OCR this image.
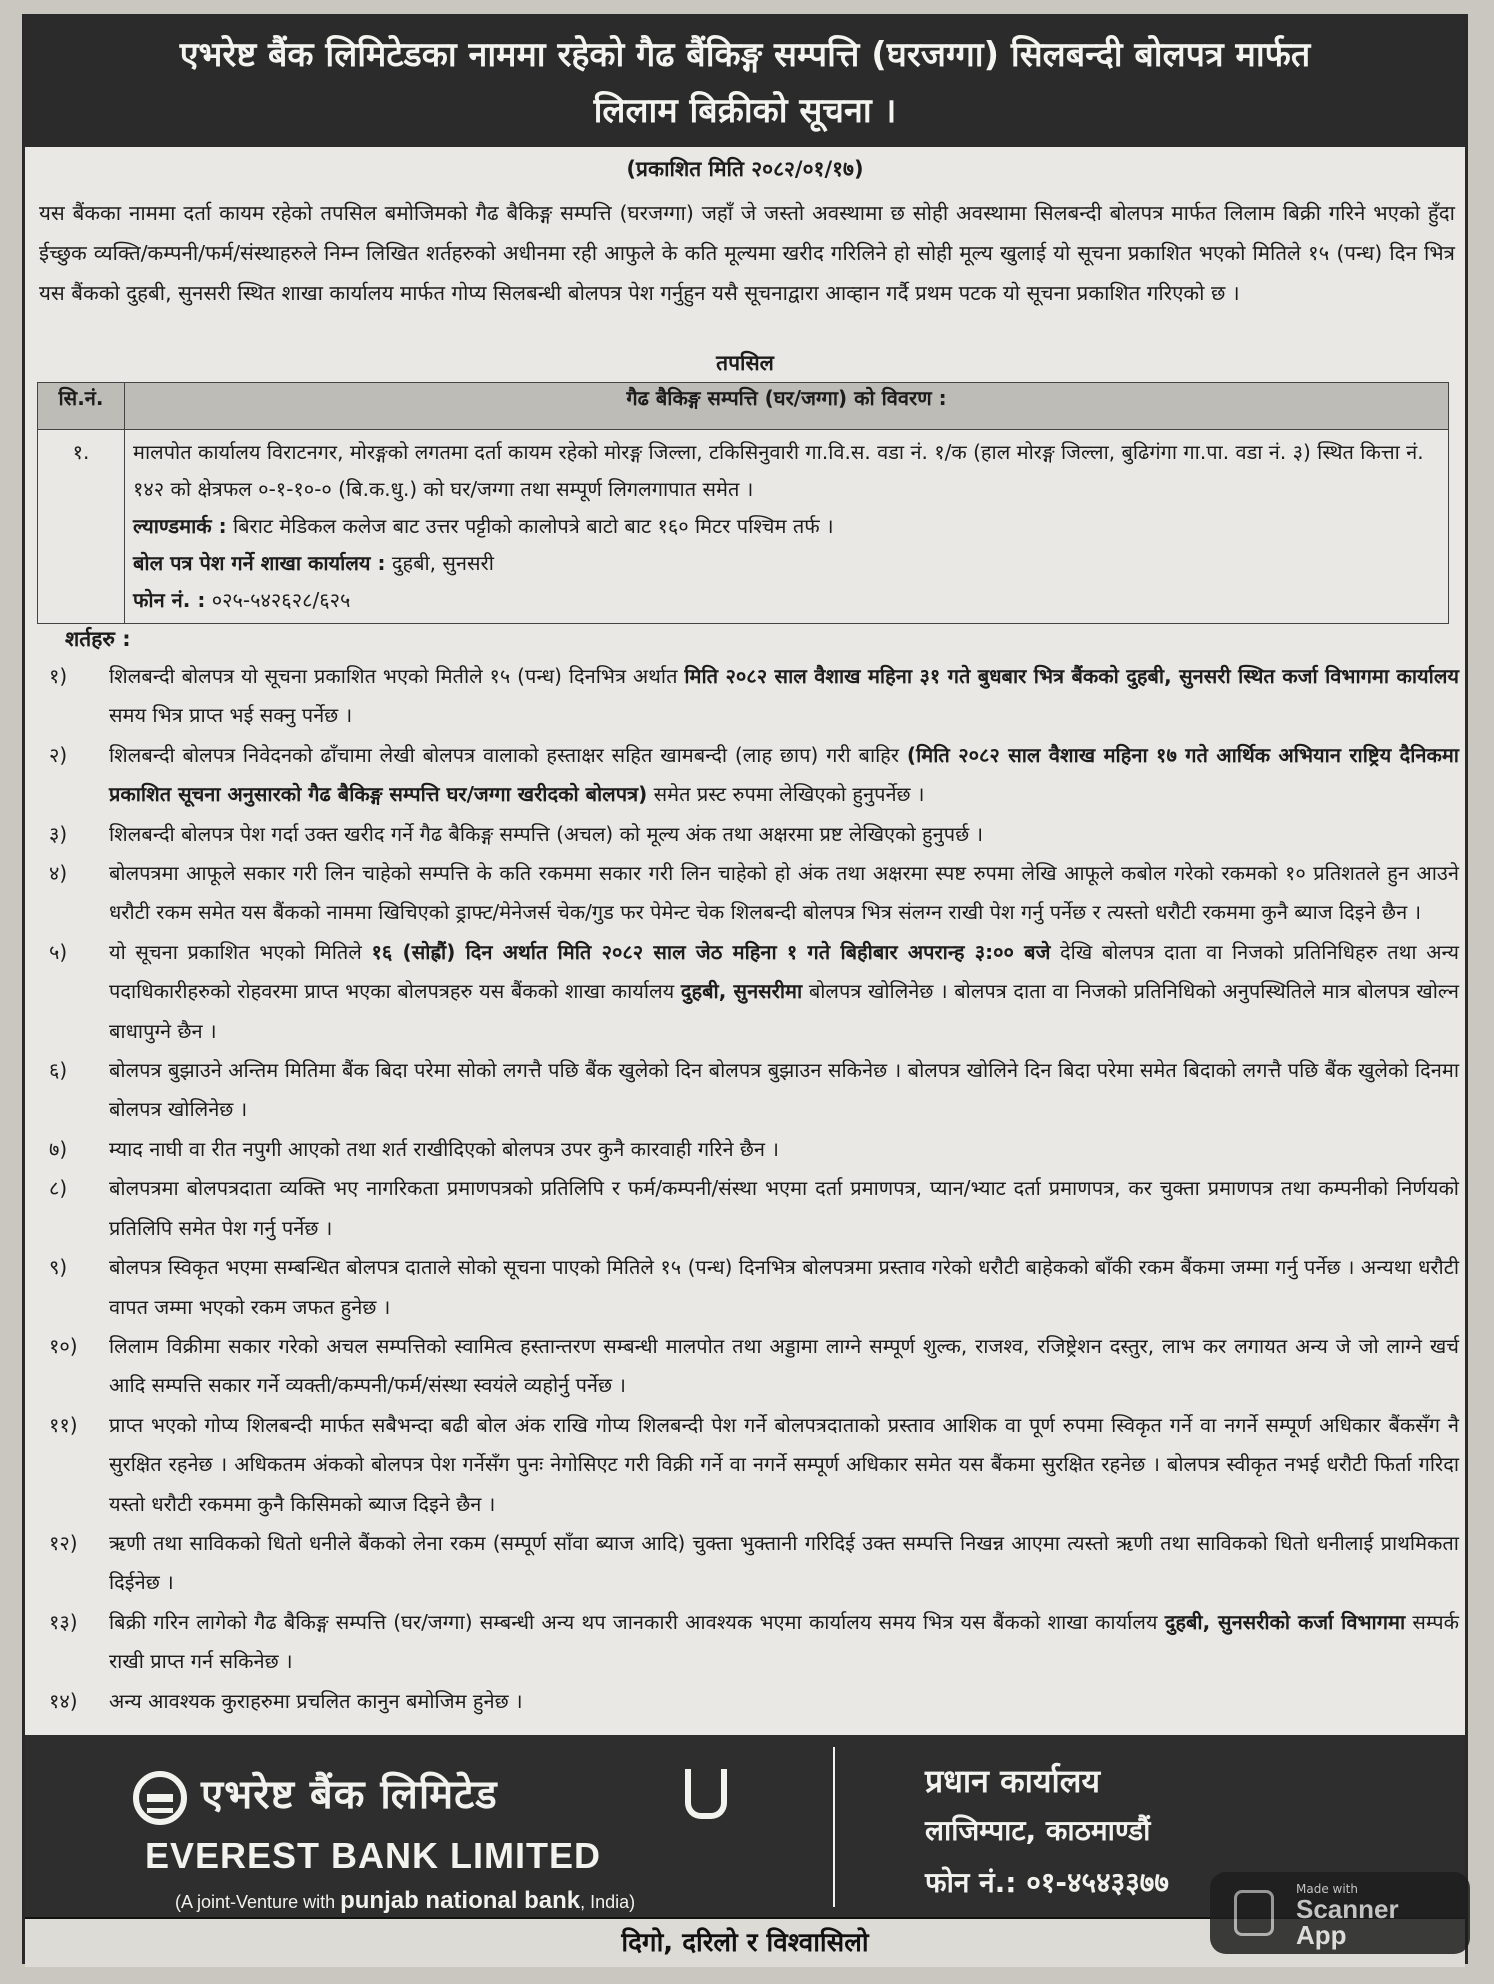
एभरेष्ट बैंक लिमिटेडका नाममा रहेको गैढ बैंकिङ्ग सम्पत्ति (घरजग्गा) सिलबन्दी बोलपत्र मार्फत
लिलाम बिक्रीको सूचना ।
(प्रकाशित मिति २०८२/०१/१७)
यस बैंकका नाममा दर्ता कायम रहेको तपसिल बमोजिमको गैढ बैकिङ्ग सम्पत्ति (घरजग्गा) जहाँ जे जस्तो अवस्थामा छ सोही अवस्थामा सिलबन्दी बोलपत्र मार्फत लिलाम बिक्री गरिने भएको हुँदा ईच्छुक व्यक्ति/कम्पनी/फर्म/संस्थाहरुले निम्न लिखित शर्तहरुको अधीनमा रही आफुले के कति मूल्यमा खरीद गरिलिने हो सोही मूल्य खुलाई यो सूचना प्रकाशित भएको मितिले १५ (पन्ध) दिन भित्र यस बैंकको दुहबी, सुनसरी स्थित शाखा कार्यालय मार्फत गोप्य सिलबन्धी बोलपत्र पेश गर्नुहुन यसै सूचनाद्वारा आव्हान गर्दै प्रथम पटक यो सूचना प्रकाशित गरिएको छ ।
तपसिल
सि.नं.	गैढ बैकिङ्ग सम्पत्ति (घर/जग्गा) को विवरण :
१.	मालपोत कार्यालय विराटनगर, मोरङ्गको लगतमा दर्ता कायम रहेको मोरङ्ग जिल्ला, टकिसिनुवारी गा.वि.स. वडा नं. १/क (हाल मोरङ्ग जिल्ला, बुढिगंगा गा.पा. वडा नं. ३) स्थित कित्ता नं. १४२ को क्षेत्रफल ०-१-१०-० (बि.क.धु.) को घर/जग्गा तथा सम्पूर्ण लिगलगापात समेत ।
ल्याण्डमार्क : बिराट मेडिकल कलेज बाट उत्तर पट्टीको कालोपत्रे बाटो बाट १६० मिटर पश्चिम तर्फ ।
बोल पत्र पेश गर्ने शाखा कार्यालय : दुहबी, सुनसरी
फोन नं. : ०२५-५४२६२८/६२५
शर्तहरु :
१)	शिलबन्दी बोलपत्र यो सूचना प्रकाशित भएको मितीले १५ (पन्ध) दिनभित्र अर्थात मिति २०८२ साल वैशाख महिना ३१ गते बुधबार भित्र बैंकको दुहबी, सुनसरी स्थित कर्जा विभागमा कार्यालय समय भित्र प्राप्त भई सक्नु पर्नेछ ।
२)	शिलबन्दी बोलपत्र निवेदनको ढाँचामा लेखी बोलपत्र वालाको हस्ताक्षर सहित खामबन्दी (लाह छाप) गरी बाहिर (मिति २०८२ साल वैशाख महिना १७ गते आर्थिक अभियान राष्ट्रिय दैनिकमा प्रकाशित सूचना अनुसारको गैढ बैकिङ्ग सम्पत्ति घर/जग्गा खरीदको बोलपत्र) समेत प्रस्ट रुपमा लेखिएको हुनुपर्नेछ ।
३)	शिलबन्दी बोलपत्र पेश गर्दा उक्त खरीद गर्ने गैढ बैकिङ्ग सम्पत्ति (अचल) को मूल्य अंक तथा अक्षरमा प्रष्ट लेखिएको हुनुपर्छ ।
४)	बोलपत्रमा आफूले सकार गरी लिन चाहेको सम्पत्ति के कति रकममा सकार गरी लिन चाहेको हो अंक तथा अक्षरमा स्पष्ट रुपमा लेखि आफूले कबोल गरेको रकमको १० प्रतिशतले हुन आउने धरौटी रकम समेत यस बैंकको नाममा खिचिएको ड्राफ्ट/मेनेजर्स चेक/गुड फर पेमेन्ट चेक शिलबन्दी बोलपत्र भित्र संलग्न राखी पेश गर्नु पर्नेछ र त्यस्तो धरौटी रकममा कुनै ब्याज दिइने छैन ।
५)	यो सूचना प्रकाशित भएको मितिले १६ (सोह्रौं) दिन अर्थात मिति २०८२ साल जेठ महिना १ गते बिहीबार अपरान्ह ३:०० बजे देखि बोलपत्र दाता वा निजको प्रतिनिधिहरु तथा अन्य पदाधिकारीहरुको रोहवरमा प्राप्त भएका बोलपत्रहरु यस बैंकको शाखा कार्यालय दुहबी, सुनसरीमा बोलपत्र खोलिनेछ । बोलपत्र दाता वा निजको प्रतिनिधिको अनुपस्थितिले मात्र बोलपत्र खोल्न बाधापुग्ने छैन ।
६)	बोलपत्र बुझाउने अन्तिम मितिमा बैंक बिदा परेमा सोको लगत्तै पछि बैंक खुलेको दिन बोलपत्र बुझाउन सकिनेछ । बोलपत्र खोलिने दिन बिदा परेमा समेत बिदाको लगत्तै पछि बैंक खुलेको दिनमा बोलपत्र खोलिनेछ ।
७)	म्याद नाघी वा रीत नपुगी आएको तथा शर्त राखीदिएको बोलपत्र उपर कुनै कारवाही गरिने छैन ।
८)	बोलपत्रमा बोलपत्रदाता व्यक्ति भए नागरिकता प्रमाणपत्रको प्रतिलिपि र फर्म/कम्पनी/संस्था भएमा दर्ता प्रमाणपत्र, प्यान/भ्याट दर्ता प्रमाणपत्र, कर चुक्ता प्रमाणपत्र तथा कम्पनीको निर्णयको प्रतिलिपि समेत पेश गर्नु पर्नेछ ।
९)	बोलपत्र स्विकृत भएमा सम्बन्धित बोलपत्र दाताले सोको सूचना पाएको मितिले १५ (पन्ध) दिनभित्र बोलपत्रमा प्रस्ताव गरेको धरौटी बाहेकको बाँकी रकम बैंकमा जम्मा गर्नु पर्नेछ । अन्यथा धरौटी वापत जम्मा भएको रकम जफत हुनेछ ।
१०)	लिलाम विक्रीमा सकार गरेको अचल सम्पत्तिको स्वामित्व हस्तान्तरण सम्बन्धी मालपोत तथा अड्डामा लाग्ने सम्पूर्ण शुल्क, राजश्व, रजिष्ट्रेशन दस्तुर, लाभ कर लगायत अन्य जे जो लाग्ने खर्च आदि सम्पत्ति सकार गर्ने व्यक्ती/कम्पनी/फर्म/संस्था स्वयंले व्यहोर्नु पर्नेछ ।
११)	प्राप्त भएको गोप्य शिलबन्दी मार्फत सबैभन्दा बढी बोल अंक राखि गोप्य शिलबन्दी पेश गर्ने बोलपत्रदाताको प्रस्ताव आशिक वा पूर्ण रुपमा स्विकृत गर्ने वा नगर्ने सम्पूर्ण अधिकार बैंकसँग नै सुरक्षित रहनेछ । अधिकतम अंकको बोलपत्र पेश गर्नेसँग पुनः नेगोसिएट गरी विक्री गर्ने वा नगर्ने सम्पूर्ण अधिकार समेत यस बैंकमा सुरक्षित रहनेछ । बोलपत्र स्वीकृत नभई धरौटी फिर्ता गरिदा यस्तो धरौटी रकममा कुनै किसिमको ब्याज दिइने छैन ।
१२)	ऋणी तथा साविकको धितो धनीले बैंकको लेना रकम (सम्पूर्ण साँवा ब्याज आदि) चुक्ता भुक्तानी गरिदिई उक्त सम्पत्ति निखन्न आएमा त्यस्तो ऋणी तथा साविकको धितो धनीलाई प्राथमिकता दिईनेछ ।
१३)	बिक्री गरिन लागेको गैढ बैकिङ्ग सम्पत्ति (घर/जग्गा) सम्बन्धी अन्य थप जानकारी आवश्यक भएमा कार्यालय समय भित्र यस बैंकको शाखा कार्यालय दुहबी, सुनसरीको कर्जा विभागमा सम्पर्क राखी प्राप्त गर्न सकिनेछ ।
१४)	अन्य आवश्यक कुराहरुमा प्रचलित कानुन बमोजिम हुनेछ ।
एभरेष्ट बैंक लिमिटेड
EVEREST BANK LIMITED
(A joint-Venture with punjab national bank, India)
प्रधान कार्यालय
लाजिम्पाट, काठमाण्डौं
फोन नं.: ०१-४५४३३७७
दिगो, दरिलो र विश्वासिलो
Made with
Scanner
App
